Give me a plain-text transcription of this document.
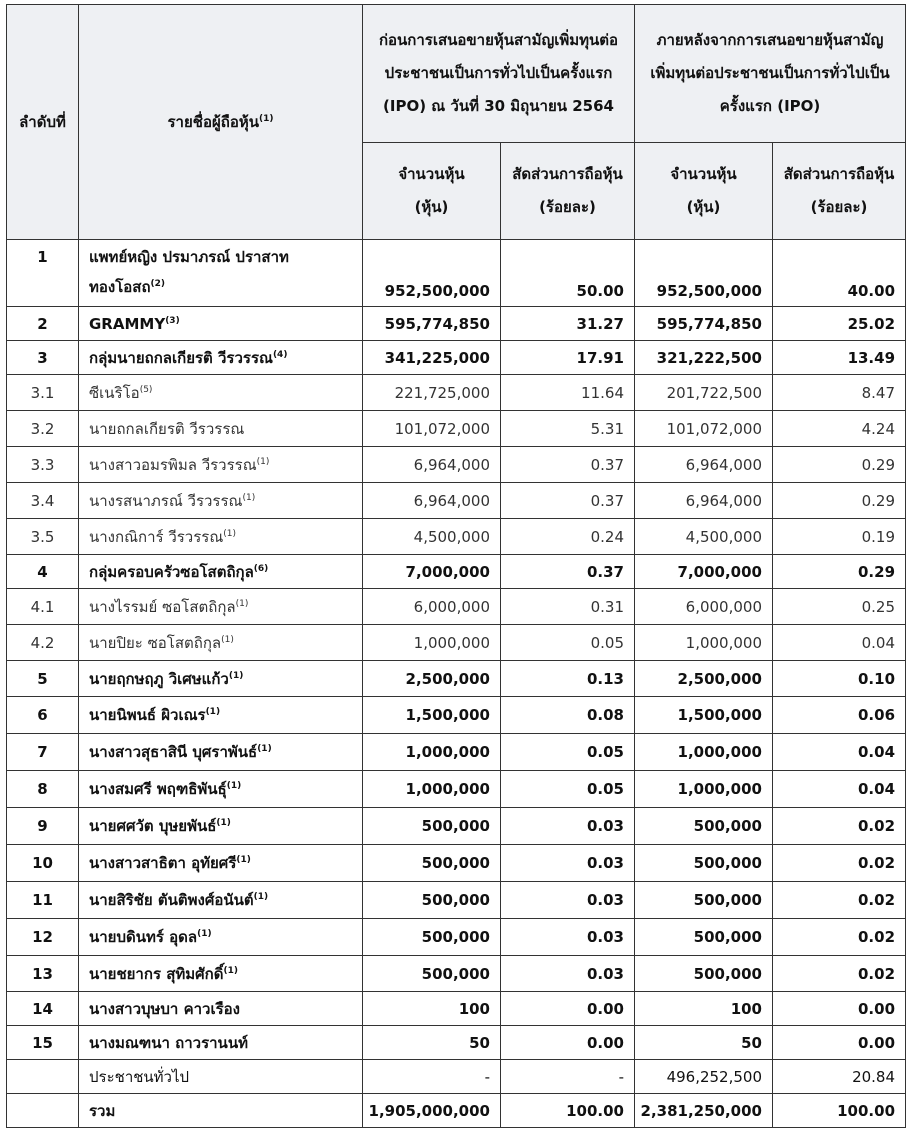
ลำดับที่	รายชื่อผู้ถือหุ้น$^{(1)}$	ก่อนการเสนอขายหุ้นสามัญเพิ่มทุนต่อประชาชนเป็นการทั่วไปเป็นครั้งแรก (IPO) ณ วันที่ 30 มิถุนายน 2564		ภายหลังจากการเสนอขายหุ้นสามัญเพิ่มทุนต่อประชาชนเป็นการทั่วไปเป็นครั้งแรก (IPO)	
		จำนวนหุ้น (หุ้น)	สัดส่วนการถือหุ้น (ร้อยละ)	จำนวนหุ้น (หุ้น)	สัดส่วนการถือหุ้น (ร้อยละ)
1	แพทย์หญิง ปรมาภรณ์ ปราสาท
ทองโอสถ$^{(2)}$	952,500,000	50.00	952,500,000	40.00
2	GRAMMY$^{(3)}$	595,774,850	31.27	595,774,850	25.02
3	กลุ่มนายถกลเกียรติ วีรวรรณ$^{(4)}$	341,225,000	17.91	321,222,500	13.49
3.1	ซีเนริโอ$^{(5)}$	221,725,000	11.64	201,722,500	8.47
3.2	นายถกลเกียรติ วีรวรรณ	101,072,000	5.31	101,072,000	4.24
3.3	นางสาวอมรพิมล วีรวรรณ$^{(1)}$	6,964,000	0.37	6,964,000	0.29
3.4	นางรสนาภรณ์ วีรวรรณ$^{(1)}$	6,964,000	0.37	6,964,000	0.29
3.5	นางกณิการ์ วีรวรรณ$^{(1)}$	4,500,000	0.24	4,500,000	0.19
4	กลุ่มครอบครัวซอโสตถิกุล$^{(6)}$	7,000,000	0.37	7,000,000	0.29
4.1	นางไรรมย์ ซอโสตถิกุล$^{(1)}$	6,000,000	0.31	6,000,000	0.25
4.2	นายปิยะ ซอโสตถิกุล$^{(1)}$	1,000,000	0.05	1,000,000	0.04
5	นายฤกษฤภู วิเศษแก้ว$^{(1)}$	2,500,000	0.13	2,500,000	0.10
6	นายนิพนธ์ ผิวเณร$^{(1)}$	1,500,000	0.08	1,500,000	0.06
7	นางสาวสุธาสินี บุศราพันธ์$^{(1)}$	1,000,000	0.05	1,000,000	0.04
8	นางสมศรี พฤฑธิพันธุ์$^{(1)}$	1,000,000	0.05	1,000,000	0.04
9	นายศศวัต บุษยพันธ์$^{(1)}$	500,000	0.03	500,000	0.02
10	นางสาวสาธิตา อุทัยศรี$^{(1)}$	500,000	0.03	500,000	0.02
11	นายสิริชัย ตันติพงศ์อนันต์$^{(1)}$	500,000	0.03	500,000	0.02
12	นายบดินทร์ อุดล$^{(1)}$	500,000	0.03	500,000	0.02
13	นายชยากร สุทิมศักดิ์$^{(1)}$	500,000	0.03	500,000	0.02
14	นางสาวบุษบา คาวเรือง	100	0.00	100	0.00
15	นางมณฑนา ถาวรานนท์	50	0.00	50	0.00
	ประชาชนทั่วไป	-	-	496,252,500	20.84
	รวม	1,905,000,000	100.00	2,381,250,000	100.00
